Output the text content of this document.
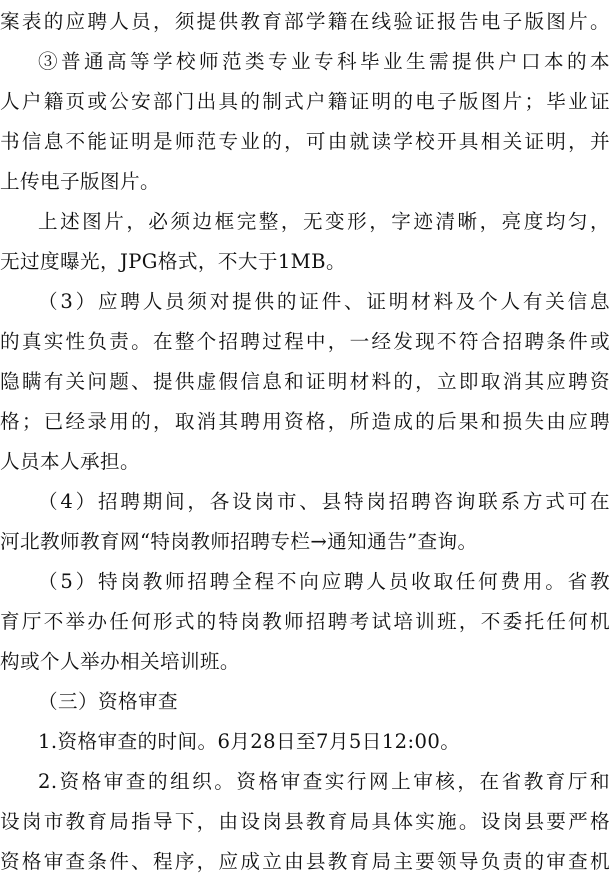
案表的应聘人员，须提供教育部学籍在线验证报告电子版图片。
③普通高等学校师范类专业专科毕业生需提供户口本的本
人户籍页或公安部门出具的制式户籍证明的电子版图片；毕业证
书信息不能证明是师范专业的，可由就读学校开具相关证明，并
上传电子版图片。
上述图片，必须边框完整，无变形，字迹清晰，亮度均匀，
无过度曝光，JPG格式，不大于1MB。
（3）应聘人员须对提供的证件、证明材料及个人有关信息
的真实性负责。在整个招聘过程中，一经发现不符合招聘条件或
隐瞒有关问题、提供虚假信息和证明材料的，立即取消其应聘资
格；已经录用的，取消其聘用资格，所造成的后果和损失由应聘
人员本人承担。
（4）招聘期间，各设岗市、县特岗招聘咨询联系方式可在
河北教师教育网“特岗教师招聘专栏→通知通告”查询。
（5）特岗教师招聘全程不向应聘人员收取任何费用。省教
育厅不举办任何形式的特岗教师招聘考试培训班，不委托任何机
构或个人举办相关培训班。
（三）资格审查
1.资格审查的时间。6月28日至7月5日12:00。
2.资格审查的组织。资格审查实行网上审核，在省教育厅和
设岗市教育局指导下，由设岗县教育局具体实施。设岗县要严格
资格审查条件、程序，应成立由县教育局主要领导负责的审查机
